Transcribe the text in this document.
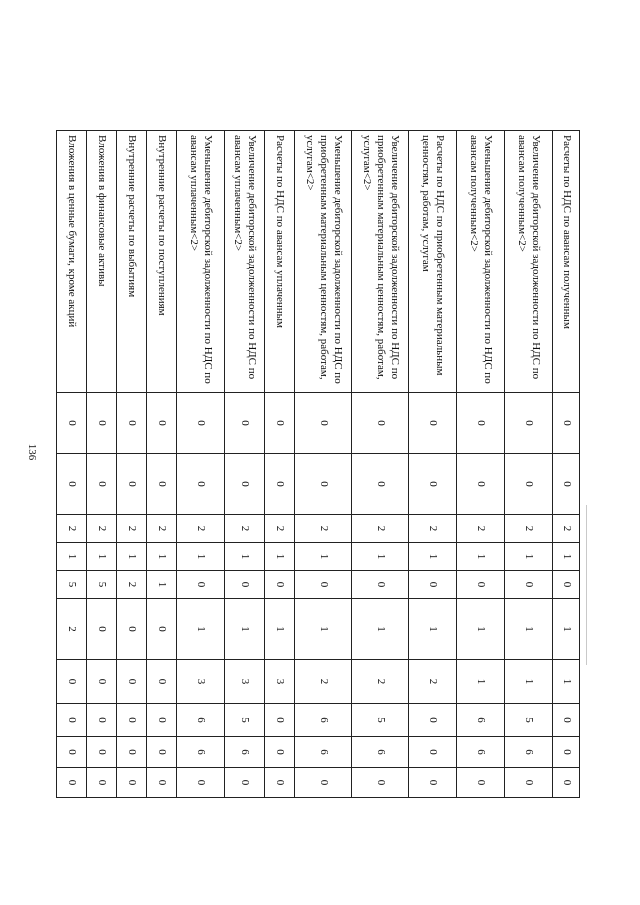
136
Расчеты по НДС по авансам полученным	0	0	2	1	0	1	1	0	0	0
Увеличение дебиторской задолженности по НДС по авансам полученным<2>	0	0	2	1	0	1	1	5	6	0
Уменьшение дебиторской задолженности по НДС по авансам полученным<2>	0	0	2	1	0	1	1	6	6	0
Расчеты по НДС по приобретенным материальным ценностям, работам, услугам	0	0	2	1	0	1	2	0	0	0
Увеличение дебиторской задолженности по НДС по приобретенным материальным ценностям, работам, услугам<2>	0	0	2	1	0	1	2	5	6	0
Уменьшение дебиторской задолженности по НДС по приобретенным материальным ценностям, работам, услугам<2>	0	0	2	1	0	1	2	6	6	0
Расчеты по НДС по авансам уплаченным	0	0	2	1	0	1	3	0	0	0
Увеличение дебиторской задолженности по НДС по авансам уплаченным<2>	0	0	2	1	0	1	3	5	6	0
Уменьшение дебиторской задолженности по НДС по авансам уплаченным<2>	0	0	2	1	0	1	3	6	6	0
Внутренние расчеты по поступлениям	0	0	2	1	1	0	0	0	0	0
Внутренние расчеты по выбытиям	0	0	2	1	2	0	0	0	0	0
Вложения в финансовые активы	0	0	2	1	5	0	0	0	0	0
Вложения в ценные бумаги, кроме акций	0	0	2	1	5	2	0	0	0	0
